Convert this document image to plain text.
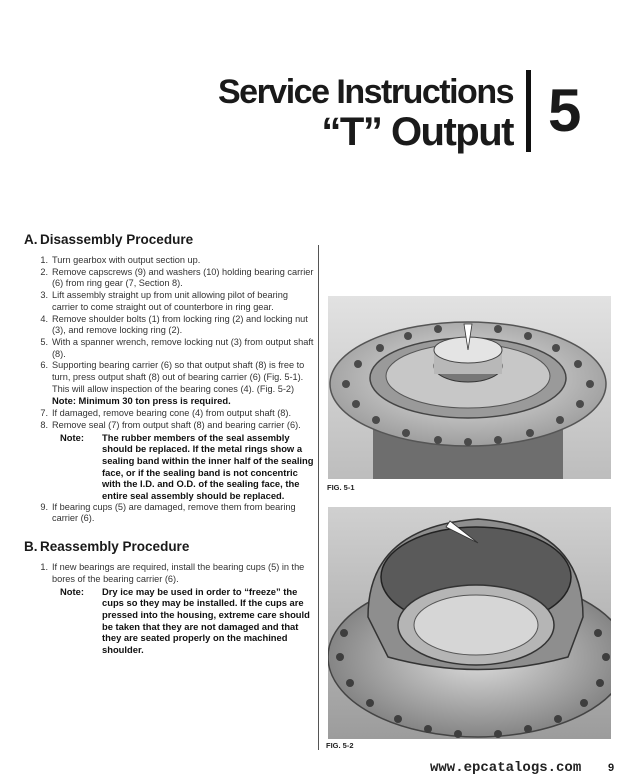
Service Instructions
“T” Output 5
A. Disassembly Procedure
1. Turn gearbox with output section up.
2. Remove capscrews (9) and washers (10) holding bearing carrier (6) from ring gear (7, Section 8).
3. Lift assembly straight up from unit allowing pilot of bearing carrier to come straight out of counterbore in ring gear.
4. Remove shoulder bolts (1) from locking ring (2) and locking nut (3), and remove locking ring (2).
5. With a spanner wrench, remove locking nut (3) from output shaft (8).
6. Supporting bearing carrier (6) so that output shaft (8) is free to turn, press output shaft (8) out of bearing carrier (6) (Fig. 5-1). This will allow inspection of the bearing cones (4). (Fig. 5-2)
Note: Minimum 30 ton press is required.
7. If damaged, remove bearing cone (4) from output shaft (8).
8. Remove seal (7) from output shaft (8) and bearing carrier (6).
Note: The rubber members of the seal assembly should be replaced. If the metal rings show a sealing band within the inner half of the sealing face, or if the sealing band is not concentric with the I.D. and O.D. of the sealing face, the entire seal assembly should be replaced.
9. If bearing cups (5) are damaged, remove them from bearing carrier (6).
B. Reassembly Procedure
1. If new bearings are required, install the bearing cups (5) in the bores of the bearing carrier (6).
Note: Dry ice may be used in order to “freeze” the cups so they may be installed. If the cups are pressed into the housing, extreme care should be taken that they are not damaged and that they are seated properly on the machined shoulder.
FIG. 5-1
FIG. 5-2
www.epcatalogs.com 9
